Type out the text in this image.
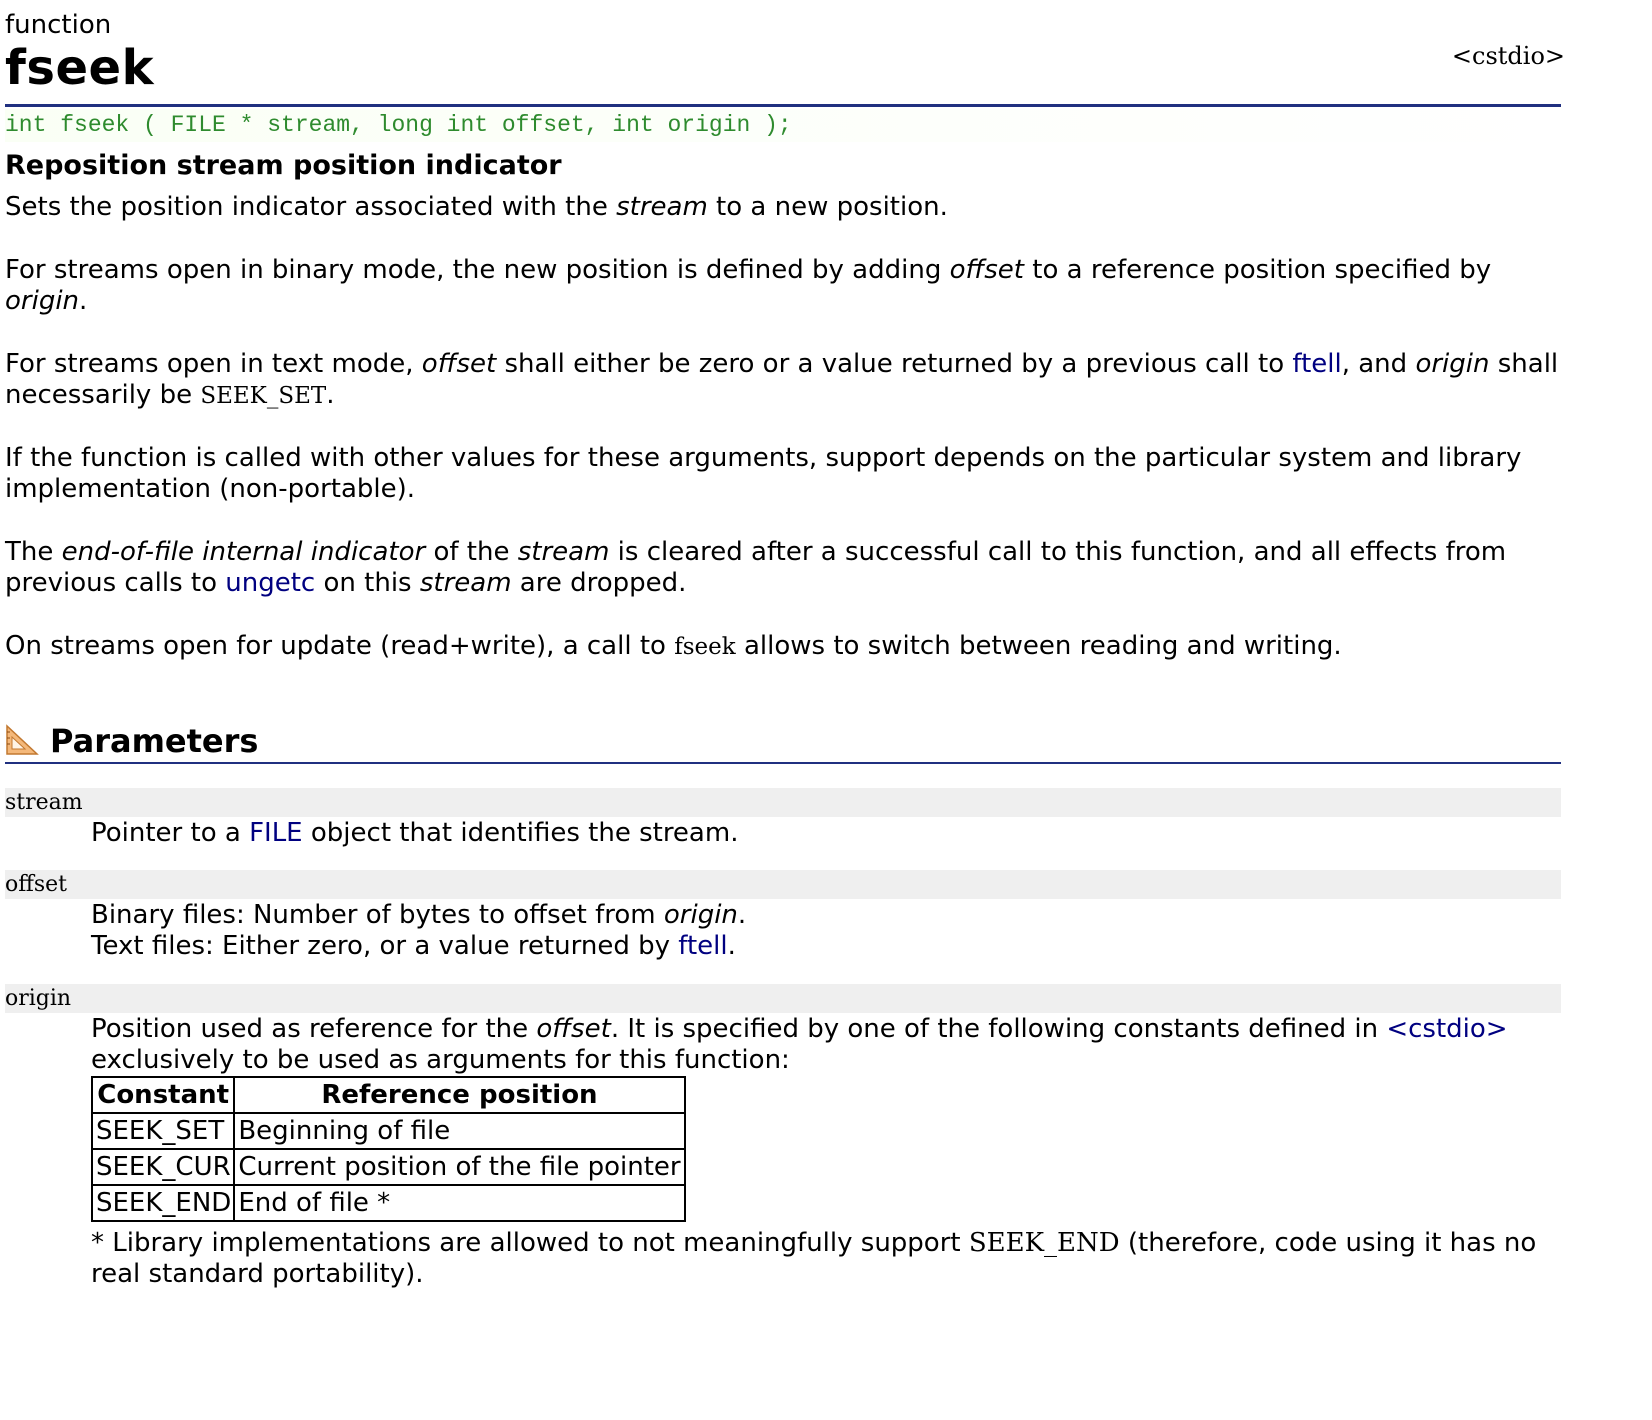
function
fseek	<cstdio>
int fseek ( FILE * stream, long int offset, int origin );
Reposition stream position indicator
Sets the position indicator associated with the stream to a new position.
For streams open in binary mode, the new position is defined by adding offset to a reference position specified by origin.
For streams open in text mode, offset shall either be zero or a value returned by a previous call to ftell, and origin shall necessarily be SEEK_SET.
If the function is called with other values for these arguments, support depends on the particular system and library implementation (non-portable).
The end-of-file internal indicator of the stream is cleared after a successful call to this function, and all effects from previous calls to ungetc on this stream are dropped.
On streams open for update (read+write), a call to fseek allows to switch between reading and writing.
Parameters
stream
Pointer to a FILE object that identifies the stream.
offset
Binary files: Number of bytes to offset from origin.
Text files: Either zero, or a value returned by ftell.
origin
Position used as reference for the offset. It is specified by one of the following constants defined in <cstdio> exclusively to be used as arguments for this function:
Constant	Reference position
SEEK_SET	Beginning of file
SEEK_CUR	Current position of the file pointer
SEEK_END	End of file *
* Library implementations are allowed to not meaningfully support SEEK_END (therefore, code using it has no real standard portability).
